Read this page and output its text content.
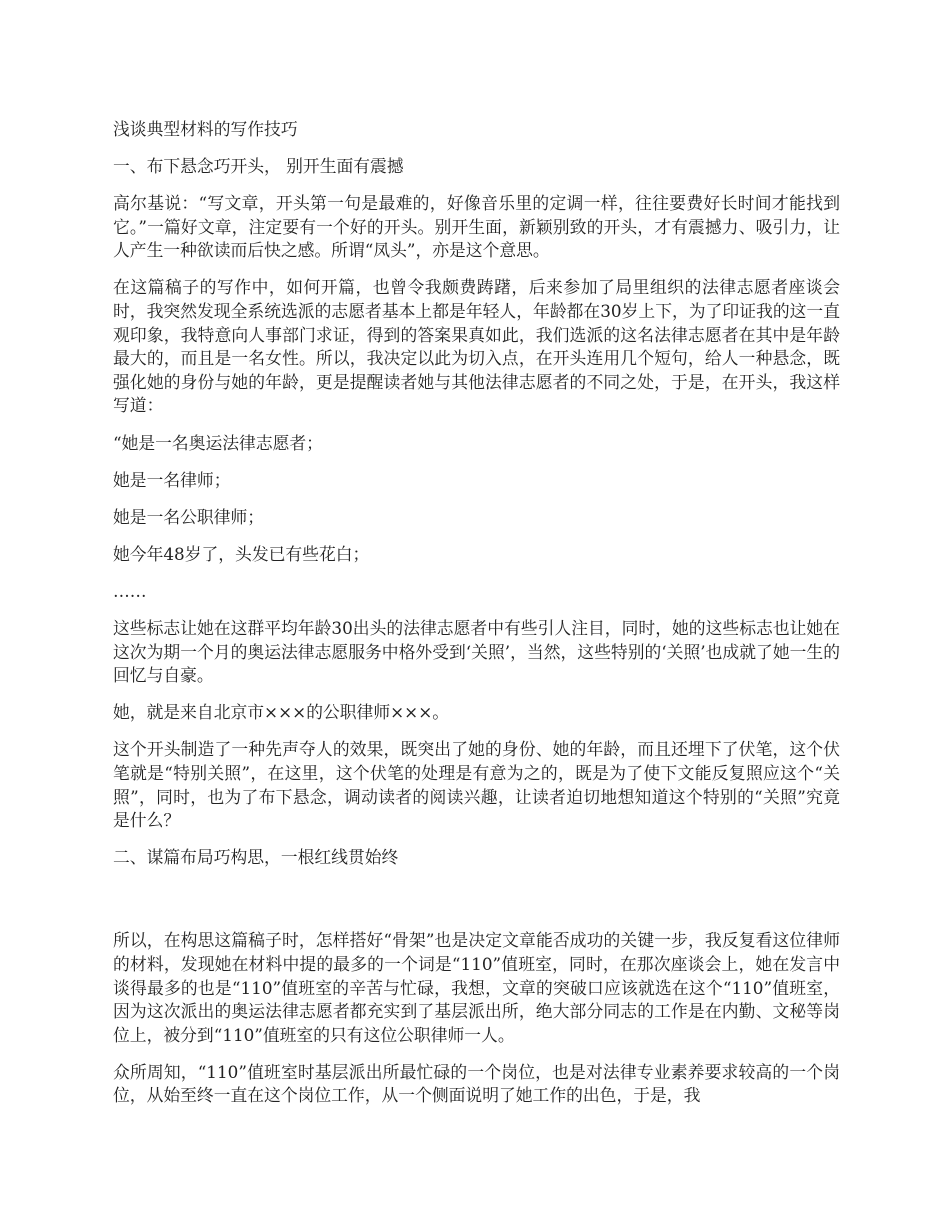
浅谈典型材料的写作技巧

一、布下悬念巧开头， 别开生面有震撼

高尔基说：“写文章，开头第一句是最难的，好像音乐里的定调一样，往往要费好长时间才能找到它。”一篇好文章，注定要有一个好的开头。别开生面，新颖别致的开头，才有震撼力、吸引力，让人产生一种欲读而后快之感。所谓“凤头”，亦是这个意思。

在这篇稿子的写作中，如何开篇，也曾令我颇费踌躇，后来参加了局里组织的法律志愿者座谈会时，我突然发现全系统选派的志愿者基本上都是年轻人，年龄都在30岁上下，为了印证我的这一直观印象，我特意向人事部门求证，得到的答案果真如此，我们选派的这名法律志愿者在其中是年龄最大的，而且是一名女性。所以，我决定以此为切入点，在开头连用几个短句，给人一种悬念，既强化她的身份与她的年龄，更是提醒读者她与其他法律志愿者的不同之处，于是，在开头，我这样写道：

“她是一名奥运法律志愿者；

她是一名律师；

她是一名公职律师；

她今年48岁了，头发已有些花白；

……

这些标志让她在这群平均年龄30出头的法律志愿者中有些引人注目，同时，她的这些标志也让她在这次为期一个月的奥运法律志愿服务中格外受到‘关照’，当然，这些特别的‘关照’也成就了她一生的回忆与自豪。

她，就是来自北京市×××的公职律师×××。

这个开头制造了一种先声夺人的效果，既突出了她的身份、她的年龄，而且还埋下了伏笔，这个伏笔就是“特别关照”，在这里，这个伏笔的处理是有意为之的，既是为了使下文能反复照应这个“关照”，同时，也为了布下悬念，调动读者的阅读兴趣，让读者迫切地想知道这个特别的“关照”究竟是什么？

二、谋篇布局巧构思，一根红线贯始终

所以，在构思这篇稿子时，怎样搭好“骨架”也是决定文章能否成功的关键一步，我反复看这位律师的材料，发现她在材料中提的最多的一个词是“110”值班室，同时，在那次座谈会上，她在发言中谈得最多的也是“110”值班室的辛苦与忙碌，我想，文章的突破口应该就选在这个“110”值班室，因为这次派出的奥运法律志愿者都充实到了基层派出所，绝大部分同志的工作是在内勤、文秘等岗位上，被分到“110”值班室的只有这位公职律师一人。

众所周知，“110”值班室时基层派出所最忙碌的一个岗位，也是对法律专业素养要求较高的一个岗位，从始至终一直在这个岗位工作，从一个侧面说明了她工作的出色，于是，我
